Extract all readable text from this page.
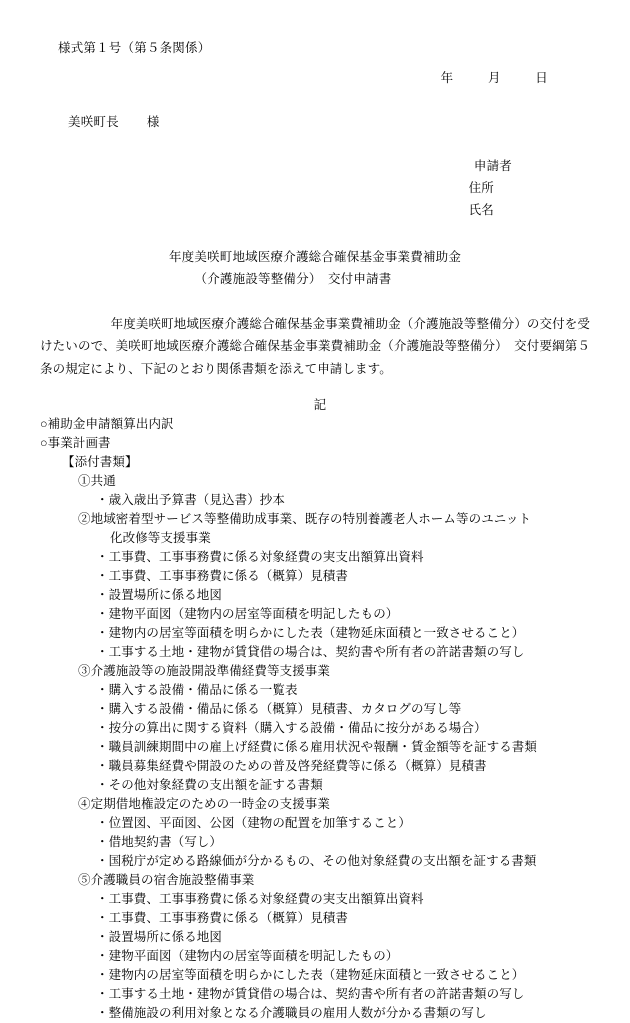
様式第１号（第５条関係）
年	月	日
美咲町長 様
申請者
住所
氏名
年度美咲町地域医療介護総合確保基金事業費補助金
（介護施設等整備分）　交付申請書
　年度美咲町地域医療介護総合確保基金事業費補助金（介護施設等整備分）の交付を受けたいので、美咲町地域医療介護総合確保基金事業費補助金（介護施設等整備分）　交付要綱第５条の規定により、下記のとおり関係書類を添えて申請します。
記
○補助金申請額算出内訳
○事業計画書
【添付書類】
①共通
・歳入歳出予算書（見込書）抄本
②地域密着型サービス等整備助成事業、既存の特別養護老人ホーム等のユニット
化改修等支援事業
・工事費、工事事務費に係る対象経費の実支出額算出資料
・工事費、工事事務費に係る（概算）見積書
・設置場所に係る地図
・建物平面図（建物内の居室等面積を明記したもの）
・建物内の居室等面積を明らかにした表（建物延床面積と一致させること）
・工事する土地・建物が賃貸借の場合は、契約書や所有者の許諾書類の写し
③介護施設等の施設開設準備経費等支援事業
・購入する設備・備品に係る一覧表
・購入する設備・備品に係る（概算）見積書、カタログの写し等
・按分の算出に関する資料（購入する設備・備品に按分がある場合）
・職員訓練期間中の雇上げ経費に係る雇用状況や報酬・賃金額等を証する書類
・職員募集経費や開設のための普及啓発経費等に係る（概算）見積書
・その他対象経費の支出額を証する書類
④定期借地権設定のための一時金の支援事業
・位置図、平面図、公図（建物の配置を加筆すること）
・借地契約書（写し）
・国税庁が定める路線価が分かるもの、その他対象経費の支出額を証する書類
⑤介護職員の宿舎施設整備事業
・工事費、工事事務費に係る対象経費の実支出額算出資料
・工事費、工事事務費に係る（概算）見積書
・設置場所に係る地図
・建物平面図（建物内の居室等面積を明記したもの）
・建物内の居室等面積を明らかにした表（建物延床面積と一致させること）
・工事する土地・建物が賃貸借の場合は、契約書や所有者の許諾書類の写し
・整備施設の利用対象となる介護職員の雇用人数が分かる書類の写し
